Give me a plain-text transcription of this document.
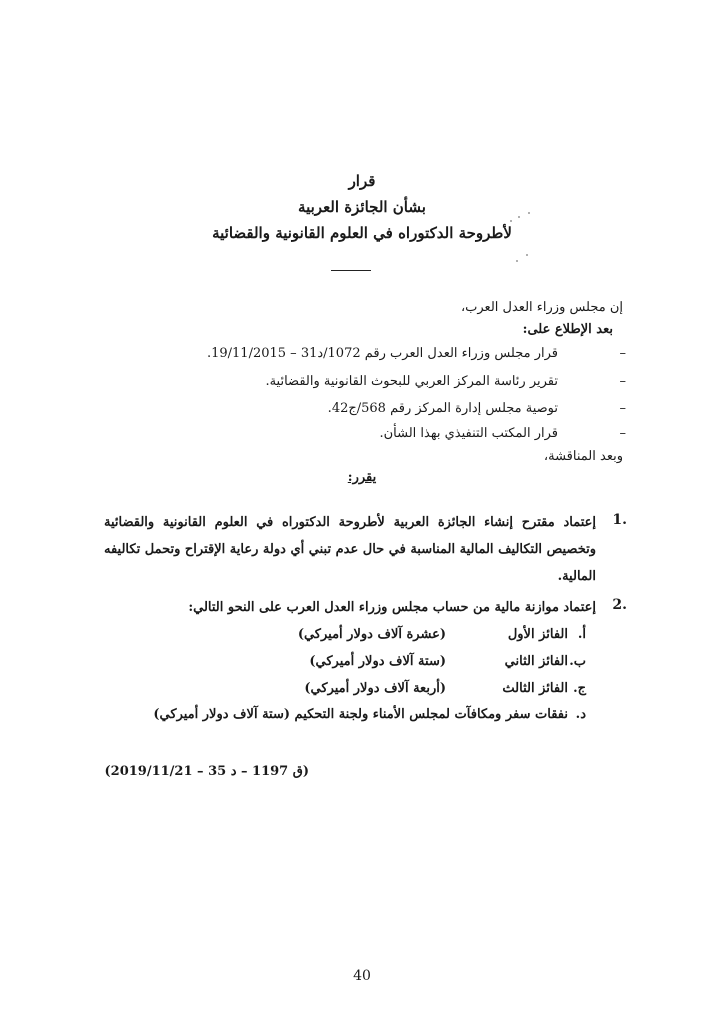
قرار
بشأن الجائزة العربية
لأطروحة الدكتوراه في العلوم القانونية والقضائية
إن مجلس وزراء العدل العرب،
بعد الإطلاع على:
–
قرار مجلس وزراء العدل العرب رقم 1072/د31 – 19/11/2015.
–
تقرير رئاسة المركز العربي للبحوث القانونية والقضائية.
–
توصية مجلس إدارة المركز رقم 568/ج42.
–
قرار المكتب التنفيذي بهذا الشأن.
وبعد المناقشة،
يقرر:
1.
إعتماد مقترح إنشاء الجائزة العربية لأطروحة الدكتوراه في العلوم القانونية والقضائية وتخصيص التكاليف المالية المناسبة في حال عدم تبني أي دولة رعاية الإقتراح وتحمل تكاليفه المالية.
2.
إعتماد موازنة مالية من حساب مجلس وزراء العدل العرب على النحو التالي:
أ.
الفائز الأول
(عشرة آلاف دولار أميركي)
ب.
الفائز الثاني
(ستة آلاف دولار أميركي)
ج.
الفائز الثالث
(أربعة آلاف دولار أميركي)
د.
نفقات سفر ومكافآت لمجلس الأمناء ولجنة التحكيم (ستة آلاف دولار أميركي)
(ق 1197 – د 35 – 2019/11/21)
40
